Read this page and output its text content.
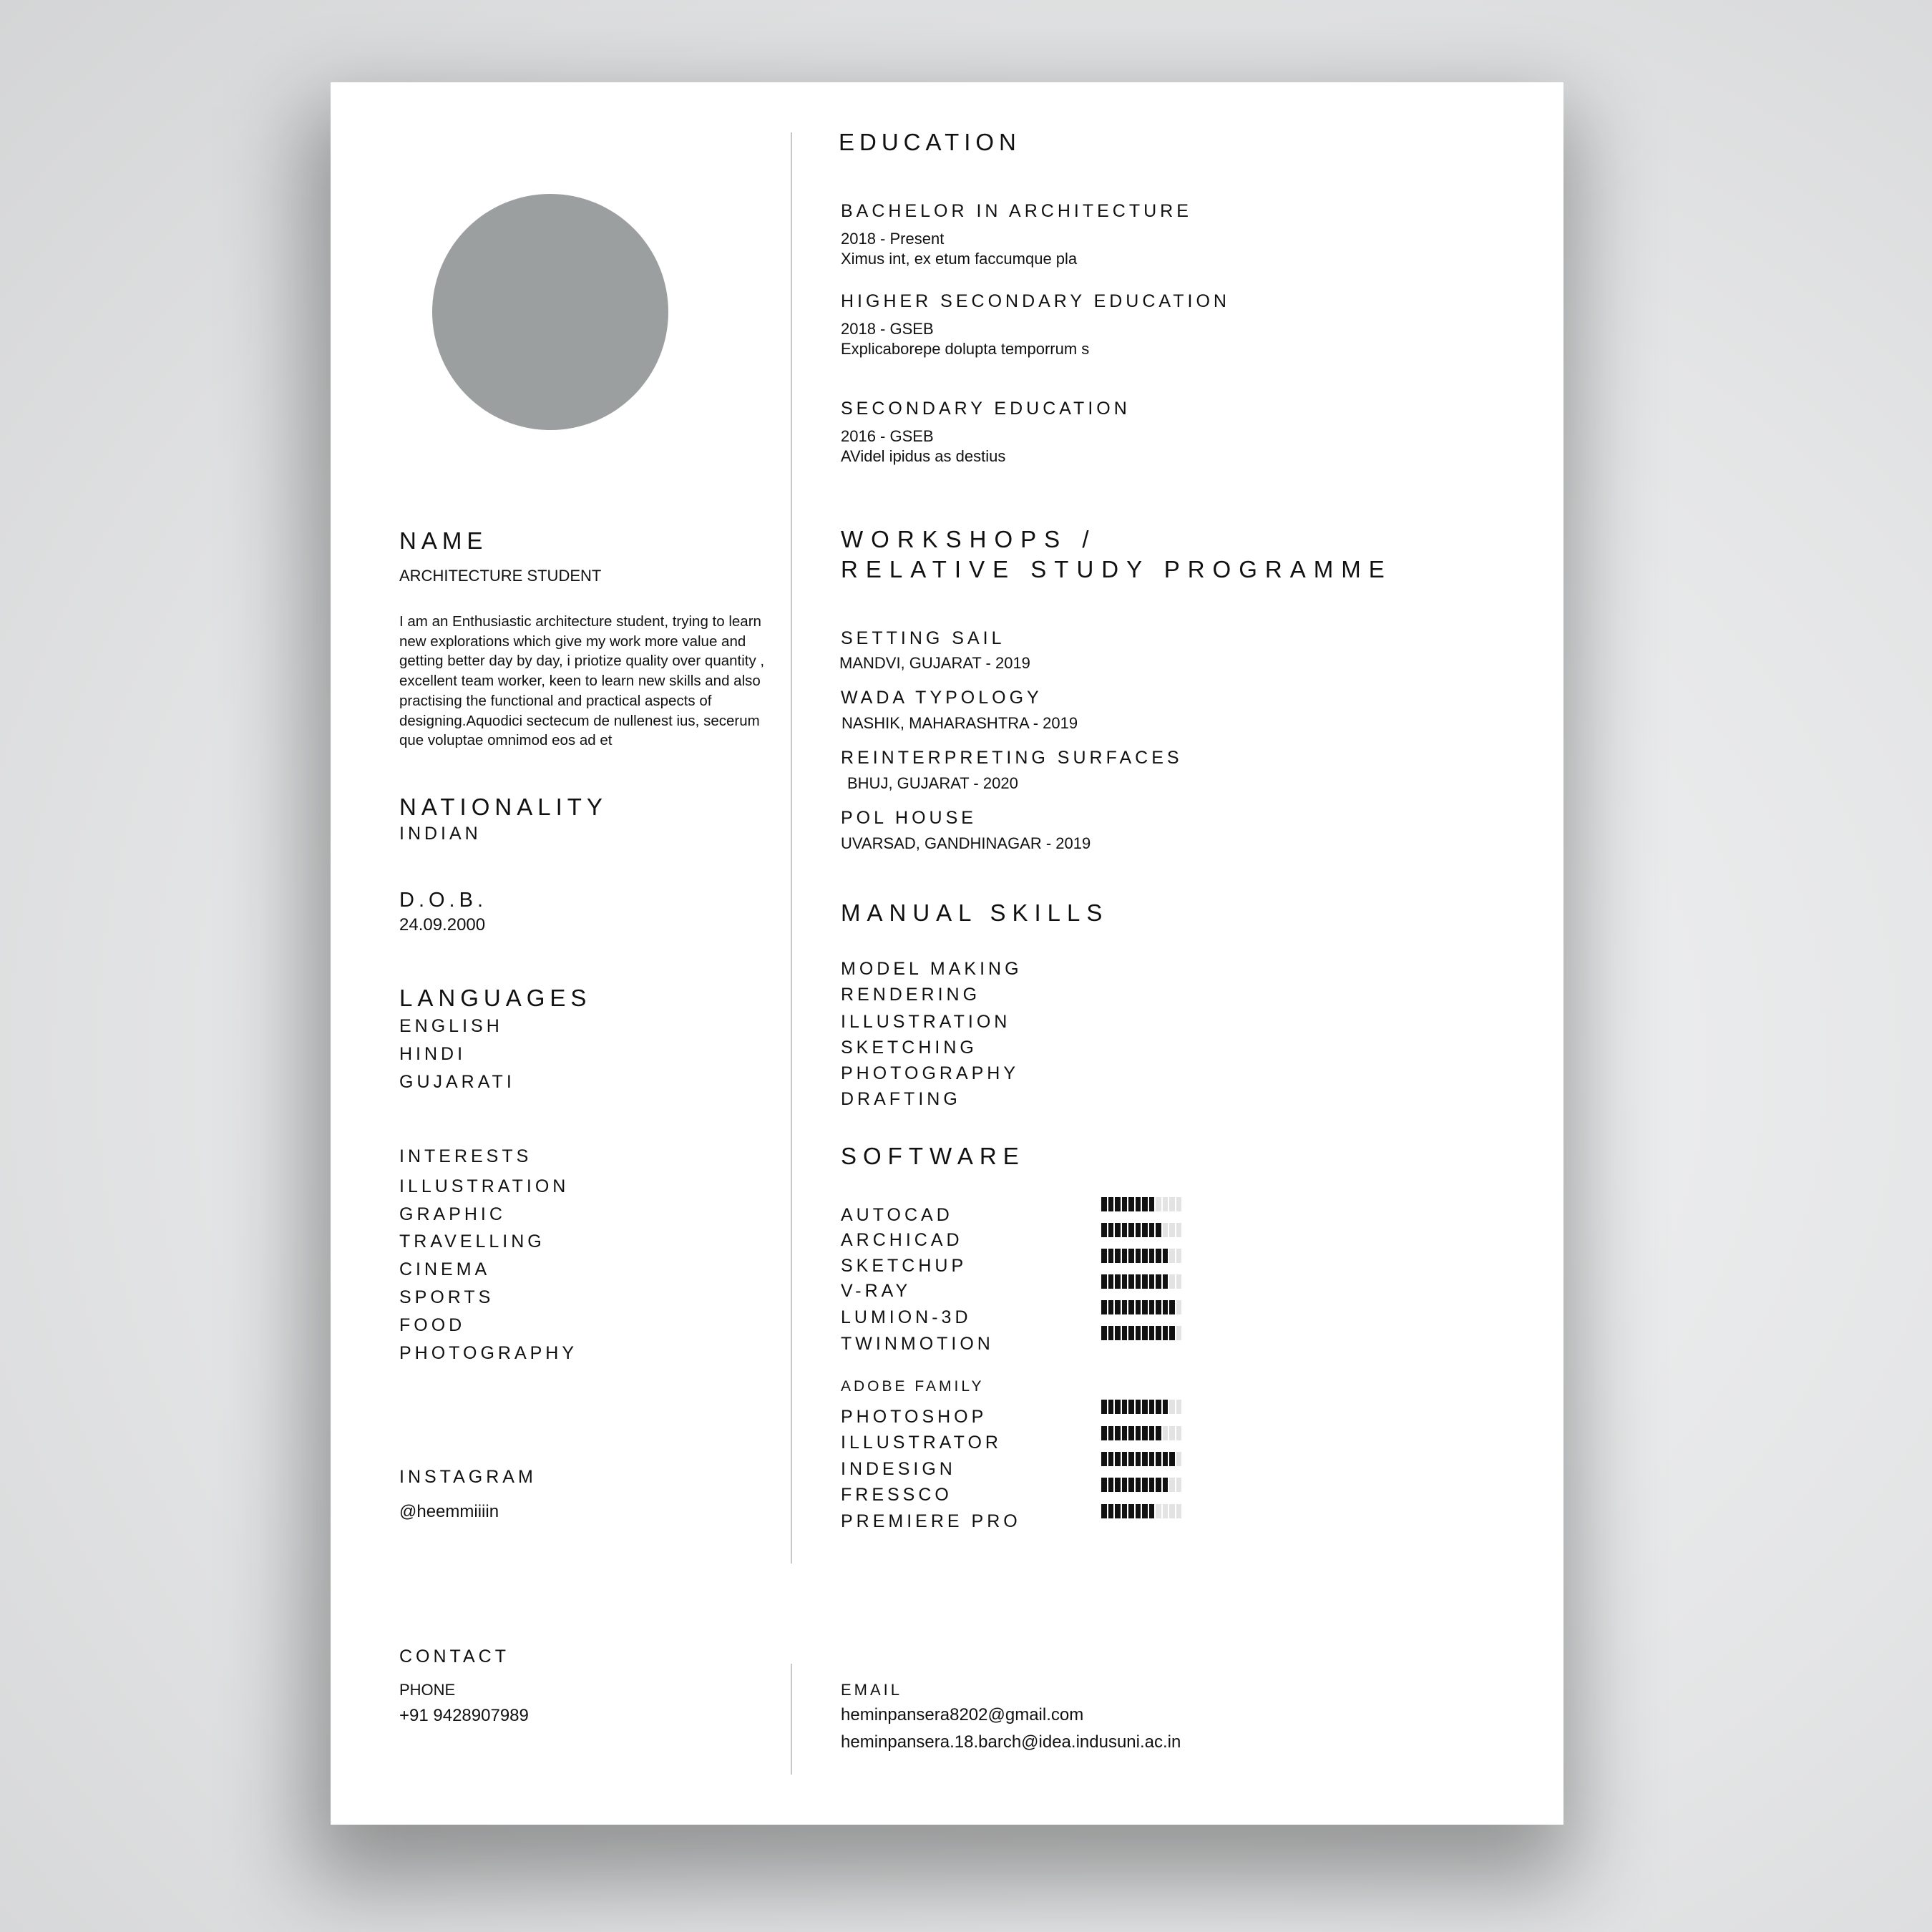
NAME
ARCHITECTURE STUDENT
I am an Enthusiastic architecture student, trying to learn new explorations which give my work more value and getting better day by day, i priotize quality over quantity , excellent team worker, keen to learn new skills and also practising the functional and practical aspects of designing.Aquodici sectecum de nullenest ius, secerum que voluptae omnimod eos ad et
NATIONALITY
INDIAN
D.O.B.
24.09.2000
LANGUAGES
ENGLISH
HINDI
GUJARATI
INTERESTS
ILLUSTRATION
GRAPHIC
TRAVELLING
CINEMA
SPORTS
FOOD
PHOTOGRAPHY
INSTAGRAM
@heemmiiiin
EDUCATION
BACHELOR IN ARCHITECTURE
2018 - Present
Ximus int, ex etum faccumque pla
HIGHER SECONDARY EDUCATION
2018 - GSEB
Explicaborepe dolupta temporrum s
SECONDARY EDUCATION
2016 - GSEB
AVidel ipidus as destius
WORKSHOPS /
RELATIVE STUDY PROGRAMME
SETTING SAIL
MANDVI, GUJARAT - 2019
WADA TYPOLOGY
NASHIK, MAHARASHTRA - 2019
REINTERPRETING SURFACES
BHUJ, GUJARAT - 2020
POL HOUSE
UVARSAD, GANDHINAGAR - 2019
MANUAL SKILLS
MODEL MAKING
RENDERING
ILLUSTRATION
SKETCHING
PHOTOGRAPHY
DRAFTING
SOFTWARE
AUTOCAD
ARCHICAD
SKETCHUP
V-RAY
LUMION-3D
TWINMOTION
ADOBE FAMILY
PHOTOSHOP
ILLUSTRATOR
INDESIGN
FRESSCO
PREMIERE PRO
CONTACT
PHONE
+91 9428907989
EMAIL
heminpansera8202@gmail.com
heminpansera.18.barch@idea.indusuni.ac.in
